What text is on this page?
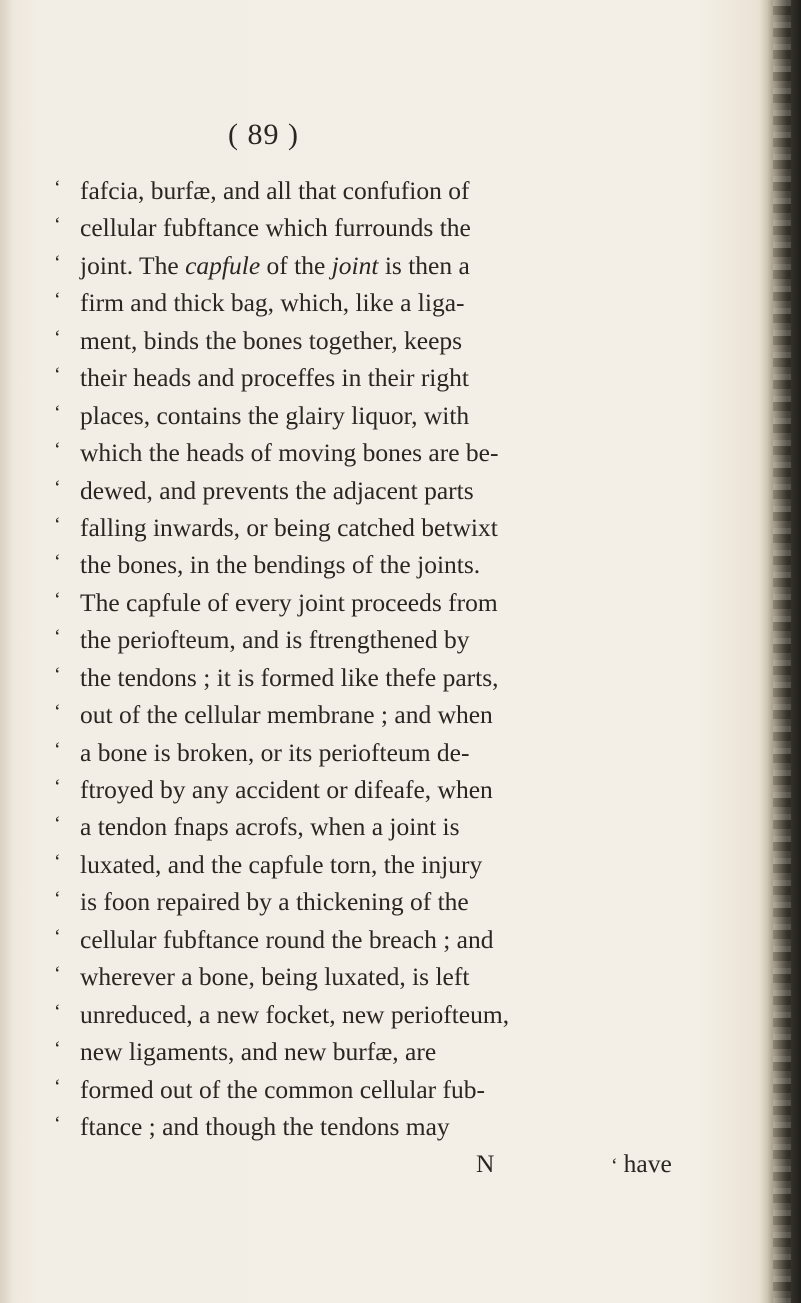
( 89 )
‘ fafcia, burfæ, and all that confufion of
‘ cellular fubftance which furrounds the
‘ joint. The capfule of the joint is then a
‘ firm and thick bag, which, like a liga-
‘ ment, binds the bones together, keeps
‘ their heads and proceffes in their right
‘ places, contains the glairy liquor, with
‘ which the heads of moving bones are be-
‘ dewed, and prevents the adjacent parts
‘ falling inwards, or being catched betwixt
‘ the bones, in the bendings of the joints.
‘ The capfule of every joint proceeds from
‘ the periofteum, and is ftrengthened by
‘ the tendons ; it is formed like thefe parts,
‘ out of the cellular membrane ; and when
‘ a bone is broken, or its periofteum de-
‘ ftroyed by any accident or difeafe, when
‘ a tendon fnaps acrofs, when a joint is
‘ luxated, and the capfule torn, the injury
‘ is foon repaired by a thickening of the
‘ cellular fubftance round the breach ; and
‘ wherever a bone, being luxated, is left
‘ unreduced, a new focket, new periofteum,
‘ new ligaments, and new burfæ, are
‘ formed out of the common cellular fub-
‘ ftance ; and though the tendons may
N	‘ have
